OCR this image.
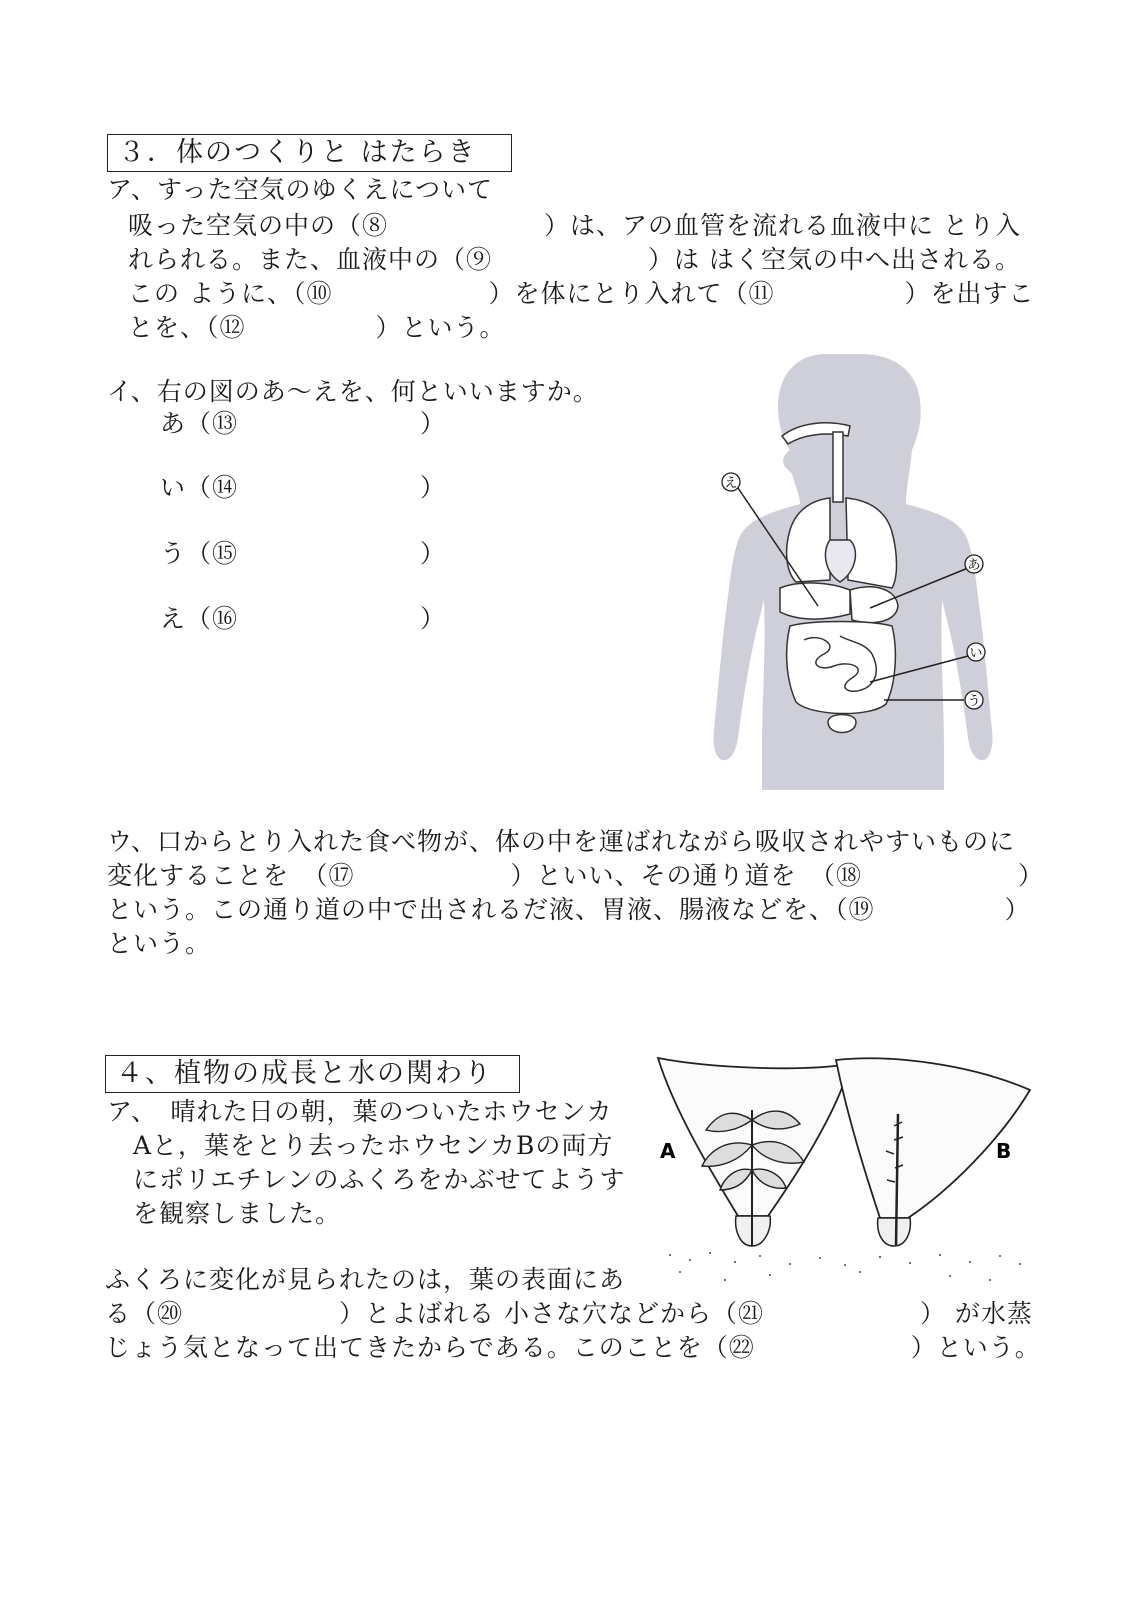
３．体のつくりと はたらき
ア、すった空気のゆくえについて
吸った空気の中の（⑧　　　　　　）は、アの血管を流れる血液中に とり入
れられる。また、血液中の（⑨　　　　　　）は はく空気の中へ出される。
この ように、（⑩　　　　　　）を体にとり入れて（⑪　　　　　）を出すこ
とを、（⑫　　　　　）という。
イ、右の図のあ〜えを、何といいますか。
あ（⑬　　　　　　　）
い（⑭　　　　　　　）
う（⑮　　　　　　　）
え（⑯　　　　　　　）
え
あ
い
う
ウ、口からとり入れた食べ物が、体の中を運ばれながら吸収されやすいものに
変化することを　（⑰　　　　　　）といい、その通り道を　（⑱　　　　　　）
という。この通り道の中で出されるだ液、胃液、腸液などを、（⑲　　　　　）
という。
４、植物の成長と水の関わり
ア、　晴れた日の朝，葉のついたホウセンカ
　Aと，葉をとり去ったホウセンカBの両方
　にポリエチレンのふくろをかぶせてようす
　を観察しました。
A	B
ふくろに変化が見られたのは，葉の表面にあ
る（⑳　　　　　　）とよばれる 小さな穴などから（㉑　　　　　　） が水蒸
じょう気となって出てきたからである。このことを（㉒　　　　　　）という。
